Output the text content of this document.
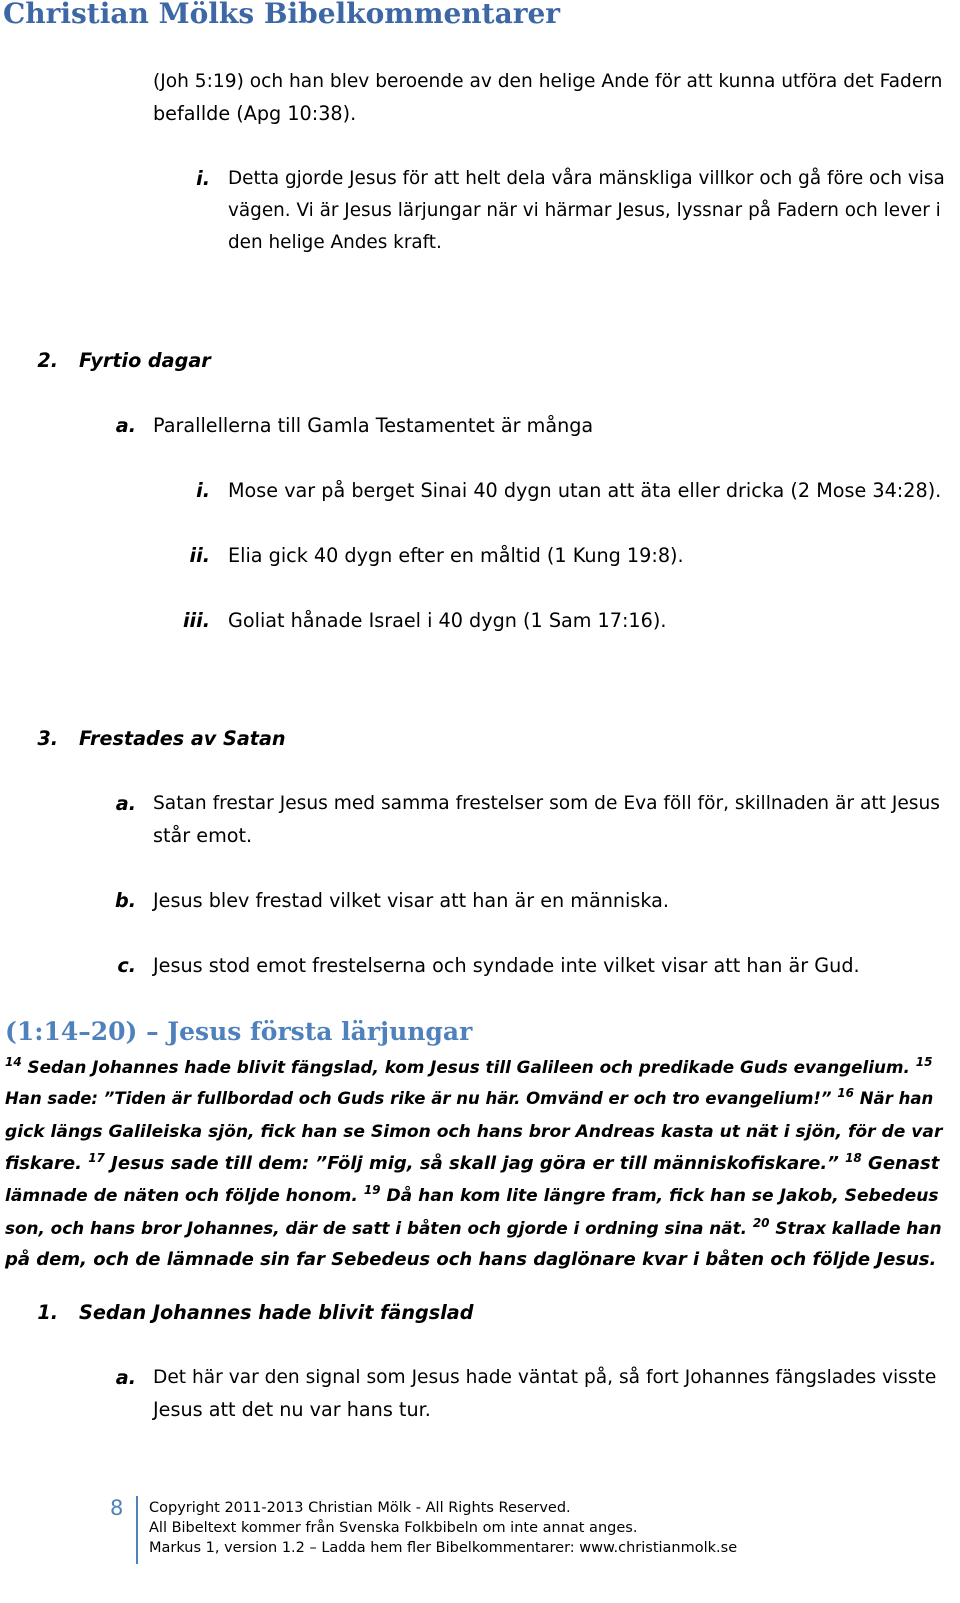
Christian Mölks Bibelkommentarer
(Joh 5:19) och han blev beroende av den helige Ande för att kunna utföra det Fadern
befallde (Apg 10:38).
i. Detta gjorde Jesus för att helt dela våra mänskliga villkor och gå före och visa
vägen. Vi är Jesus lärjungar när vi härmar Jesus, lyssnar på Fadern och lever i
den helige Andes kraft.
2. Fyrtio dagar
a. Parallellerna till Gamla Testamentet är många
i. Mose var på berget Sinai 40 dygn utan att äta eller dricka (2 Mose 34:28).
ii. Elia gick 40 dygn efter en måltid (1 Kung 19:8).
iii. Goliat hånade Israel i 40 dygn (1 Sam 17:16).
3. Frestades av Satan
a. Satan frestar Jesus med samma frestelser som de Eva föll för, skillnaden är att Jesus
står emot.
b. Jesus blev frestad vilket visar att han är en människa.
c. Jesus stod emot frestelserna och syndade inte vilket visar att han är Gud.
(1:14–20) – Jesus första lärjungar
$^{14}$ Sedan Johannes hade blivit fängslad, kom Jesus till Galileen och predikade Guds evangelium. $^{15}$
Han sade: ”Tiden är fullbordad och Guds rike är nu här. Omvänd er och tro evangelium!” $^{16}$ När han
gick längs Galileiska sjön, fick han se Simon och hans bror Andreas kasta ut nät i sjön, för de var
fiskare. $^{17}$ Jesus sade till dem: ”Följ mig, så skall jag göra er till människofiskare.” $^{18}$ Genast
lämnade de näten och följde honom. $^{19}$ Då han kom lite längre fram, fick han se Jakob, Sebedeus
son, och hans bror Johannes, där de satt i båten och gjorde i ordning sina nät. $^{20}$ Strax kallade han
på dem, och de lämnade sin far Sebedeus och hans daglönare kvar i båten och följde Jesus.
1. Sedan Johannes hade blivit fängslad
a. Det här var den signal som Jesus hade väntat på, så fort Johannes fängslades visste
Jesus att det nu var hans tur.
8 Copyright 2011-2013 Christian Mölk - All Rights Reserved.
All Bibeltext kommer från Svenska Folkbibeln om inte annat anges.
Markus 1, version 1.2 – Ladda hem fler Bibelkommentarer: www.christianmolk.se
